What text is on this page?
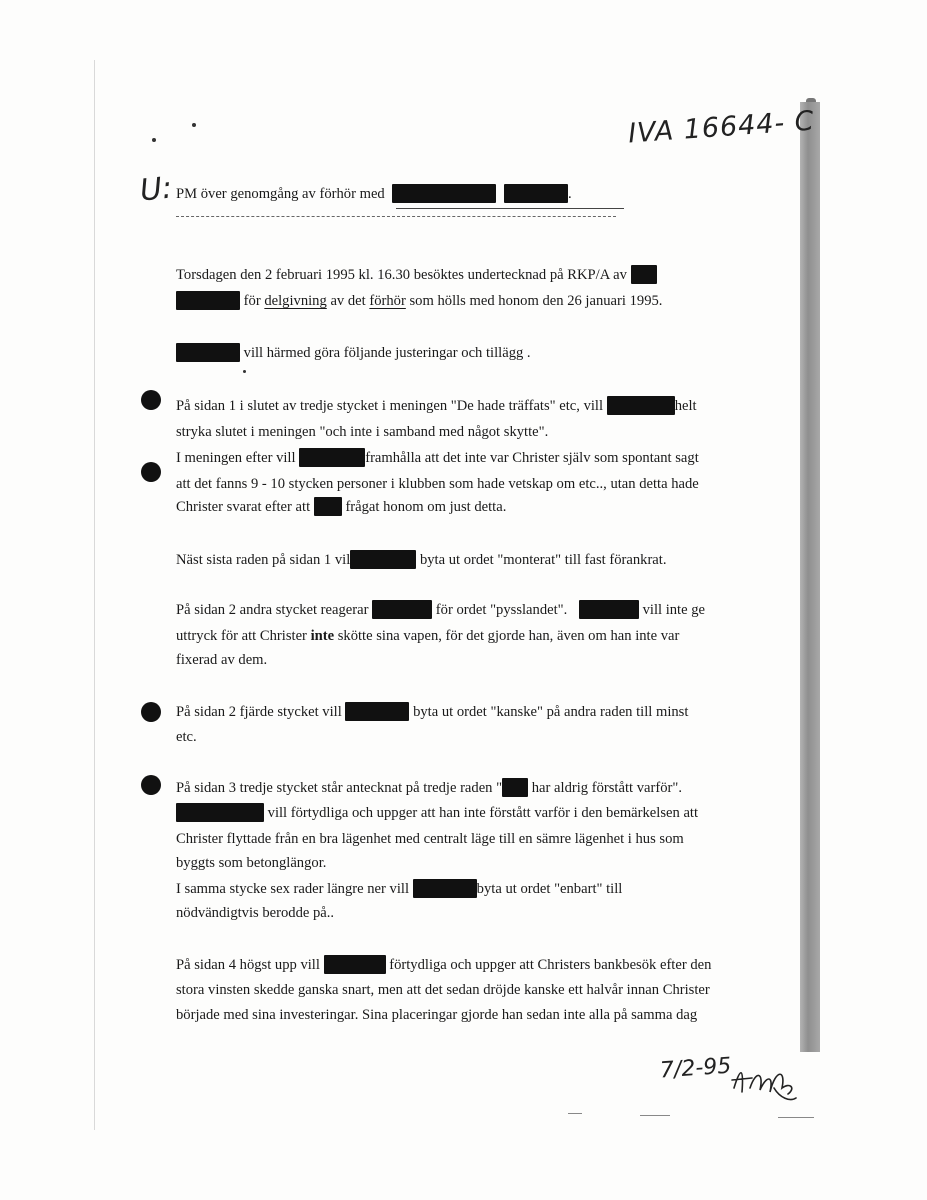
IVA 16644- C
U: PM över genomgång av förhör med	.
Torsdagen den 2 februari 1995 kl. 16.30 besöktes undertecknad på RKP/A av
för delgivning av det förhör som hölls med honom den 26 januari 1995.
vill härmed göra följande justeringar och tillägg .
På sidan 1 i slutet av tredje stycket i meningen "De hade träffats" etc, vill	helt
stryka slutet i meningen "och inte i samband med något skytte".
I meningen efter vill	framhålla att det inte var Christer själv som spontant sagt
att det fanns 9 - 10 stycken personer i klubben som hade vetskap om etc.., utan detta hade
Christer svarat efter att frågat honom om just detta.
Näst sista raden på sidan 1 vil	byta ut ordet "monterat" till fast förankrat.
På sidan 2 andra stycket reagerar	för ordet "pysslandet".	vill inte ge
uttryck för att Christer inte skötte sina vapen, för det gjorde han, även om han inte var
fixerad av dem.
På sidan 2 fjärde stycket vill	byta ut ordet "kanske" på andra raden till minst
etc.
På sidan 3 tredje stycket står antecknat på tredje raden " har aldrig förstått varför".
vill förtydliga och uppger att han inte förstått varför i den bemärkelsen att
Christer flyttade från en bra lägenhet med centralt läge till en sämre lägenhet i hus som
byggts som betonglängor.
I samma stycke sex rader längre ner vill	byta ut ordet "enbart" till
nödvändigtvis berodde på..
På sidan 4 högst upp vill	förtydliga och uppger att Christers bankbesök efter den
stora vinsten skedde ganska snart, men att det sedan dröjde kanske ett halvår innan Christer
började med sina investeringar. Sina placeringar gjorde han sedan inte alla på samma dag
7/2-95
